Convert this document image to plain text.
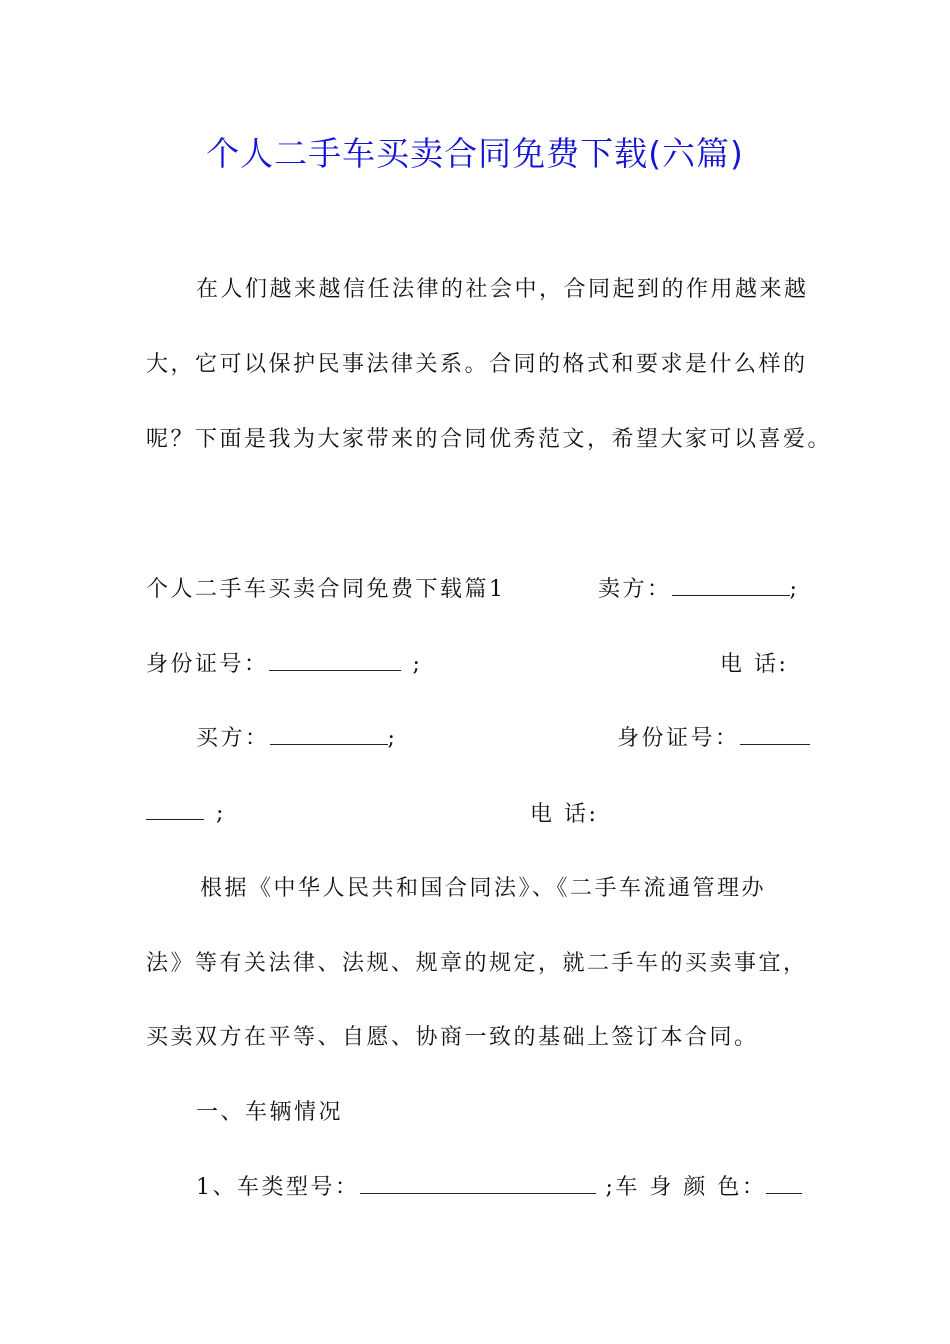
个人二手车买卖合同免费下载(六篇)
在人们越来越信任法律的社会中，合同起到的作用越来越
大，它可以保护民事法律关系。合同的格式和要求是什么样的
呢？下面是我为大家带来的合同优秀范文，希望大家可以喜爱。
个人二手车买卖合同免费下载篇1	卖方：	;
身份证号：	;	电 话:
买方：	;	身份证号：
;	电 话:
根据《中华人民共和国合同法》、《二手车流通管理办
法》等有关法律、法规、规章的规定，就二手车的买卖事宜，
买卖双方在平等、自愿、协商一致的基础上签订本合同。
一、车辆情况
1、车类型号：	;车 身 颜 色：
